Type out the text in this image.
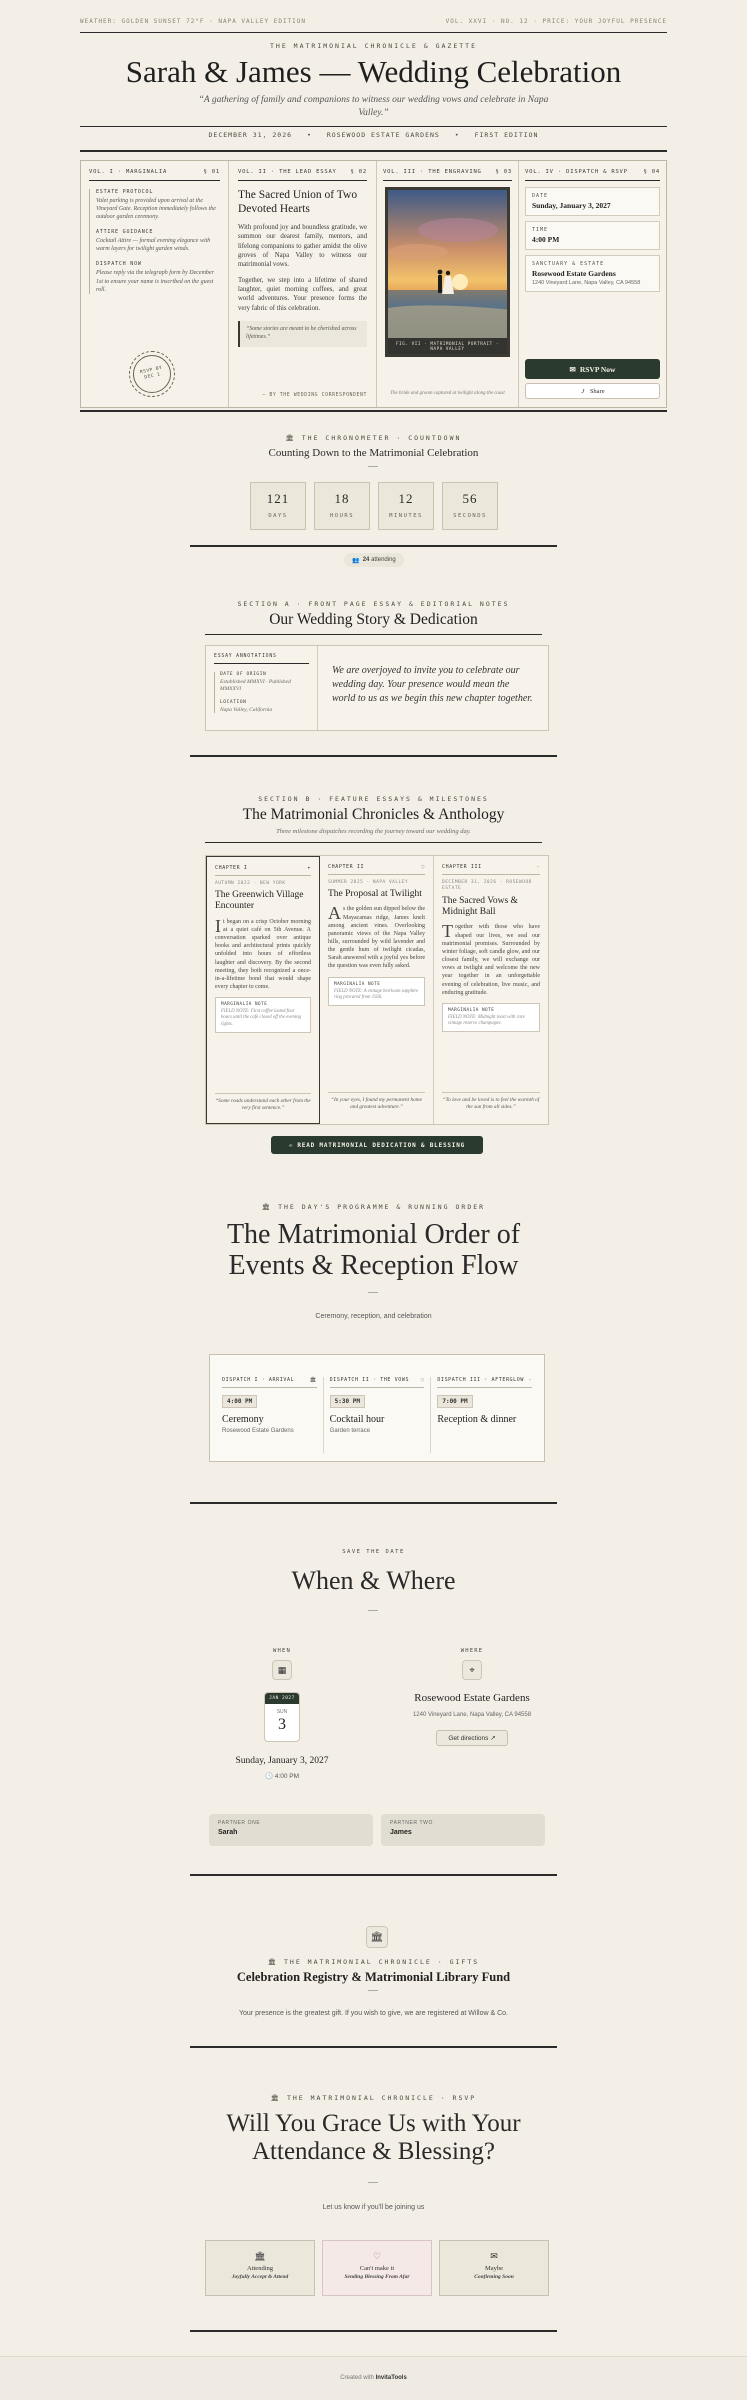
WEATHER: GOLDEN SUNSET 72°F · NAPA VALLEY EDITION	VOL. XXVI · NO. 12 · PRICE: YOUR JOYFUL PRESENCE
THE MATRIMONIAL CHRONICLE & GAZETTE
Sarah & James — Wedding Celebration
“A gathering of family and companions to witness our wedding vows and celebrate in Napa Valley.”
DECEMBER 31, 2026 • ROSEWOOD ESTATE GARDENS • FIRST EDITION
VOL. I · MARGINALIA	§ 01
ESTATE PROTOCOL
Valet parking is provided upon arrival at the Vineyard Gate. Reception immediately follows the outdoor garden ceremony.
ATTIRE GUIDANCE
Cocktail Attire — formal evening elegance with warm layers for twilight garden winds.
DISPATCH NOW
Please reply via the telegraph form by December 1st to ensure your name is inscribed on the guest roll.
RSVP BY DEC 1
VOL. II · THE LEAD ESSAY	§ 02
The Sacred Union of Two Devoted Hearts
With profound joy and boundless gratitude, we summon our dearest family, mentors, and lifelong companions to gather amidst the olive groves of Napa Valley to witness our matrimonial vows.
Together, we step into a lifetime of shared laughter, quiet morning coffees, and great world adventures. Your presence forms the very fabric of this celebration.
“Some stories are meant to be cherished across lifetimes.”
— BY THE WEDDING CORRESPONDENT
VOL. III · THE ENGRAVING	§ 03
FIG. VII · MATRIMONIAL PORTRAIT · NAPA VALLEY
The bride and groom captured at twilight along the coast
VOL. IV · DISPATCH & RSVP	§ 04
DATE
Sunday, January 3, 2027
TIME
4:00 PM
SANCTUARY & ESTATE
Rosewood Estate Gardens
1240 Vineyard Lane, Napa Valley, CA 94558
✉ RSVP Now
⤴ Share
🏛 THE CHRONOMETER · COUNTDOWN
Counting Down to the Matrimonial Celebration
121
DAYS
18
HOURS
12
MINUTES
56
SECONDS
👥 24
attending
SECTION A · FRONT PAGE ESSAY & EDITORIAL NOTES
Our Wedding Story & Dedication
ESSAY ANNOTATIONS
DATE OF ORIGIN
Established MMXVI · Published MMXXVI
LOCATION
Napa Valley, California
We are overjoyed to invite you to celebrate our wedding day. Your presence would mean the world to us as we begin this new chapter together.
SECTION B · FEATURE ESSAYS & MILESTONES
The Matrimonial Chronicles & Anthology
Three milestone dispatches recording the journey toward our wedding day.
CHAPTER I	✦
AUTUMN 2022 · NEW YORK
The Greenwich Village Encounter
It began on a crisp October morning at a quiet café on 5th Avenue. A conversation sparked over antique books and architectural prints quickly unfolded into hours of effortless laughter and discovery. By the second meeting, they both recognized a once-in-a-lifetime bond that would shape every chapter to come.
MARGINALIA NOTE
FIELD NOTE: First coffee lasted four hours until the café closed off the evening lights.
“Some roads understand each other from the very first sentence.”
CHAPTER II	◌
SUMMER 2025 · NAPA VALLEY
The Proposal at Twilight
As the golden sun dipped below the Mayacamas ridge, James knelt among ancient vines. Overlooking panoramic views of the Napa Valley hills, surrounded by wild lavender and the gentle hum of twilight cicadas, Sarah answered with a joyful yes before the question was even fully asked.
MARGINALIA NOTE
FIELD NOTE: A vintage heirloom sapphire ring procured from 1926.
“In your eyes, I found my permanent home and greatest adventure.”
CHAPTER III	✧
DECEMBER 31, 2026 · ROSEWOOD ESTATE
The Sacred Vows & Midnight Ball
Together with those who have shaped our lives, we seal our matrimonial promises. Surrounded by winter foliage, soft candle glow, and our closest family, we will exchange our vows at twilight and welcome the new year together in an unforgettable evening of celebration, live music, and enduring gratitude.
MARGINALIA NOTE
FIELD NOTE: Midnight toast with rare vintage reserve champagne.
“To love and be loved is to feel the warmth of the sun from all sides.”
✍ READ MATRIMONIAL DEDICATION & BLESSING
🏛 THE DAY'S PROGRAMME & RUNNING ORDER
The Matrimonial Order of
Events & Reception Flow
Ceremony, reception, and celebration
DISPATCH I · ARRIVAL	🏛
4:00 PM
Ceremony
Rosewood Estate Gardens
DISPATCH II · THE VOWS ◌
5:30 PM
Cocktail hour
Garden terrace
DISPATCH III · AFTERGLOW ✧
7:00 PM
Reception & dinner
SAVE THE DATE
When & Where
WHEN
▦
JAN 2027
SUN
3
Sunday, January 3, 2027
🕓 4:00 PM
WHERE
⌖
Rosewood Estate Gardens
1240 Vineyard Lane, Napa Valley, CA 94558
Get directions
↗
PARTNER ONE
Sarah
PARTNER TWO
James
🏛
🏛 THE MATRIMONIAL CHRONICLE · GIFTS
Celebration Registry & Matrimonial Library Fund
Your presence is the greatest gift. If you wish to give, we are registered at Willow & Co.
🏛 THE MATRIMONIAL CHRONICLE · RSVP
Will You Grace Us with Your
Attendance & Blessing?
Let us know if you'll be joining us
🏛
Attending
Joyfully Accept & Attend
♡
Can't make it
Sending Blessing From Afar
✉
Maybe
Confirming Soon
Created with InvitaTools
